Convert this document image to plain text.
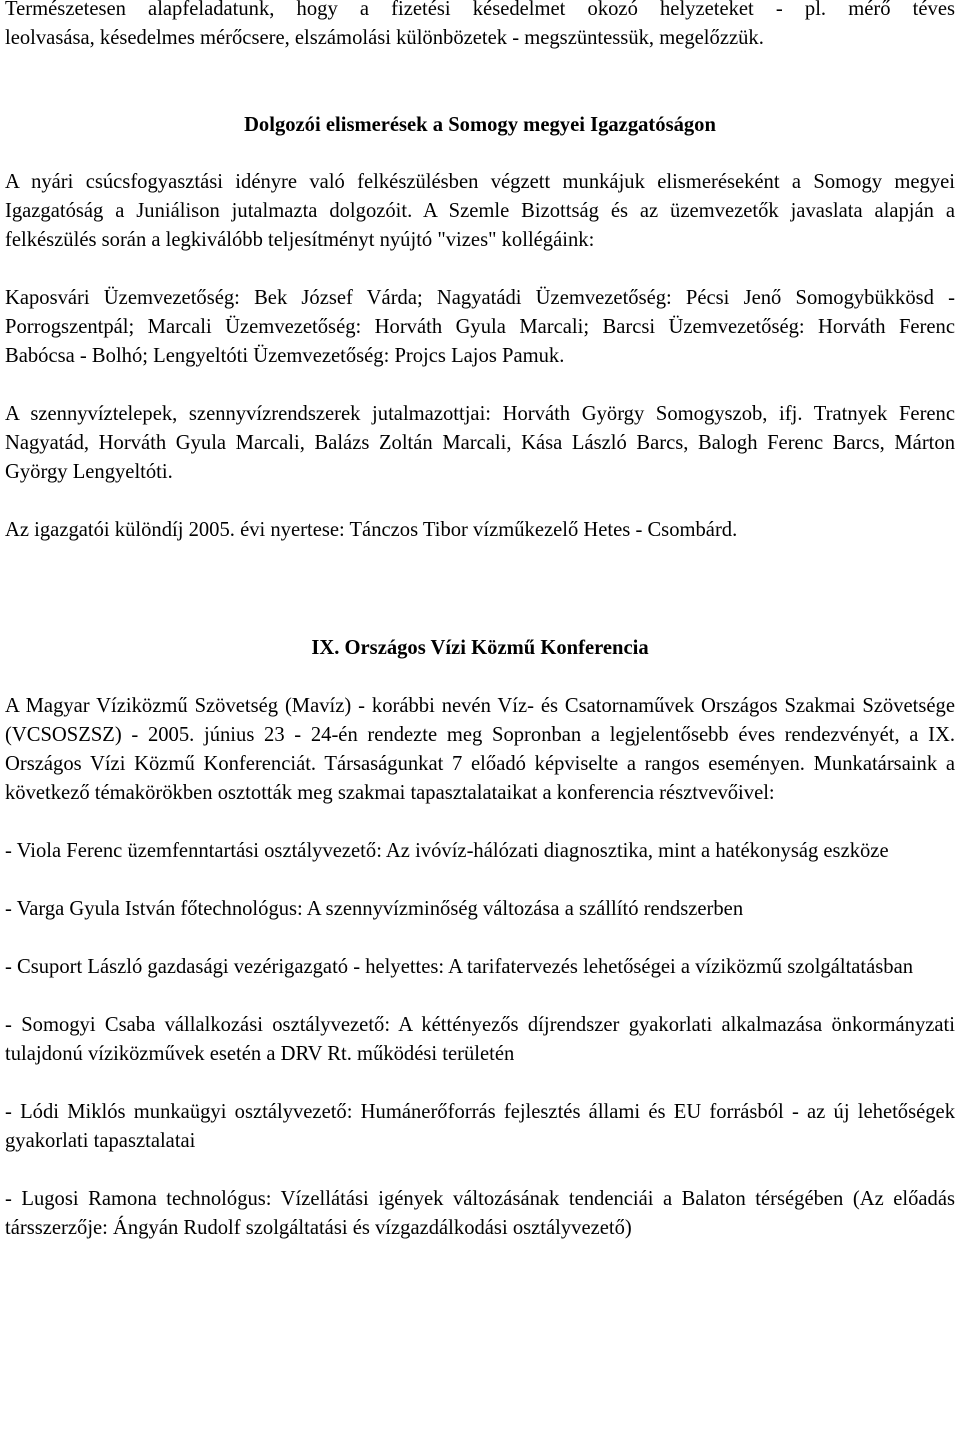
Természetesen alapfeladatunk, hogy a fizetési késedelmet okozó helyzeteket - pl. mérő téves

leolvasása, késedelmes mérőcsere, elszámolási különbözetek - megszüntessük, megelőzzük.

Dolgozói elismerések a Somogy megyei Igazgatóságon

A nyári csúcsfogyasztási idényre való felkészülésben végzett munkájuk elismeréseként a Somogy megyei Igazgatóság a Juniálison jutalmazta dolgozóit. A Szemle Bizottság és az üzemvezetők javaslata alapján a felkészülés során a legkiválóbb teljesítményt nyújtó "vizes" kollégáink:

Kaposvári Üzemvezetőség: Bek József Várda; Nagyatádi Üzemvezetőség: Pécsi Jenő Somogybükkösd - Porrogszentpál; Marcali Üzemvezetőség: Horváth Gyula Marcali; Barcsi Üzemvezetőség: Horváth Ferenc Babócsa - Bolhó; Lengyeltóti Üzemvezetőség: Projcs Lajos Pamuk.

A szennyvíztelepek, szennyvízrendszerek jutalmazottjai: Horváth György Somogyszob, ifj. Tratnyek Ferenc Nagyatád, Horváth Gyula Marcali, Balázs Zoltán Marcali, Kása László Barcs, Balogh Ferenc Barcs, Márton György Lengyeltóti.

Az igazgatói különdíj 2005. évi nyertese: Tánczos Tibor vízműkezelő Hetes - Csombárd.

IX. Országos Vízi Közmű Konferencia

A Magyar Víziközmű Szövetség (Mavíz) - korábbi nevén Víz- és Csatornaművek Országos Szakmai Szövetsége (VCSOSZSZ) - 2005. június 23 - 24-én rendezte meg Sopronban a legjelentősebb éves rendezvényét, a IX. Országos Vízi Közmű Konferenciát. Társaságunkat 7 előadó képviselte a rangos eseményen. Munkatársaink a következő témakörökben osztották meg szakmai tapasztalataikat a konferencia résztvevőivel:

- Viola Ferenc üzemfenntartási osztályvezető: Az ivóvíz-hálózati diagnosztika, mint a hatékonyság eszköze

- Varga Gyula István főtechnológus: A szennyvízminőség változása a szállító rendszerben

- Csuport László gazdasági vezérigazgató - helyettes: A tarifatervezés lehetőségei a víziközmű szolgáltatásban

- Somogyi Csaba vállalkozási osztályvezető: A kéttényezős díjrendszer gyakorlati alkalmazása önkormányzati tulajdonú víziközművek esetén a DRV Rt. működési területén

- Lódi Miklós munkaügyi osztályvezető: Humánerőforrás fejlesztés állami és EU forrásból - az új lehetőségek gyakorlati tapasztalatai

- Lugosi Ramona technológus: Vízellátási igények változásának tendenciái a Balaton térségében (Az előadás társszerzője: Ángyán Rudolf szolgáltatási és vízgazdálkodási osztályvezető)
